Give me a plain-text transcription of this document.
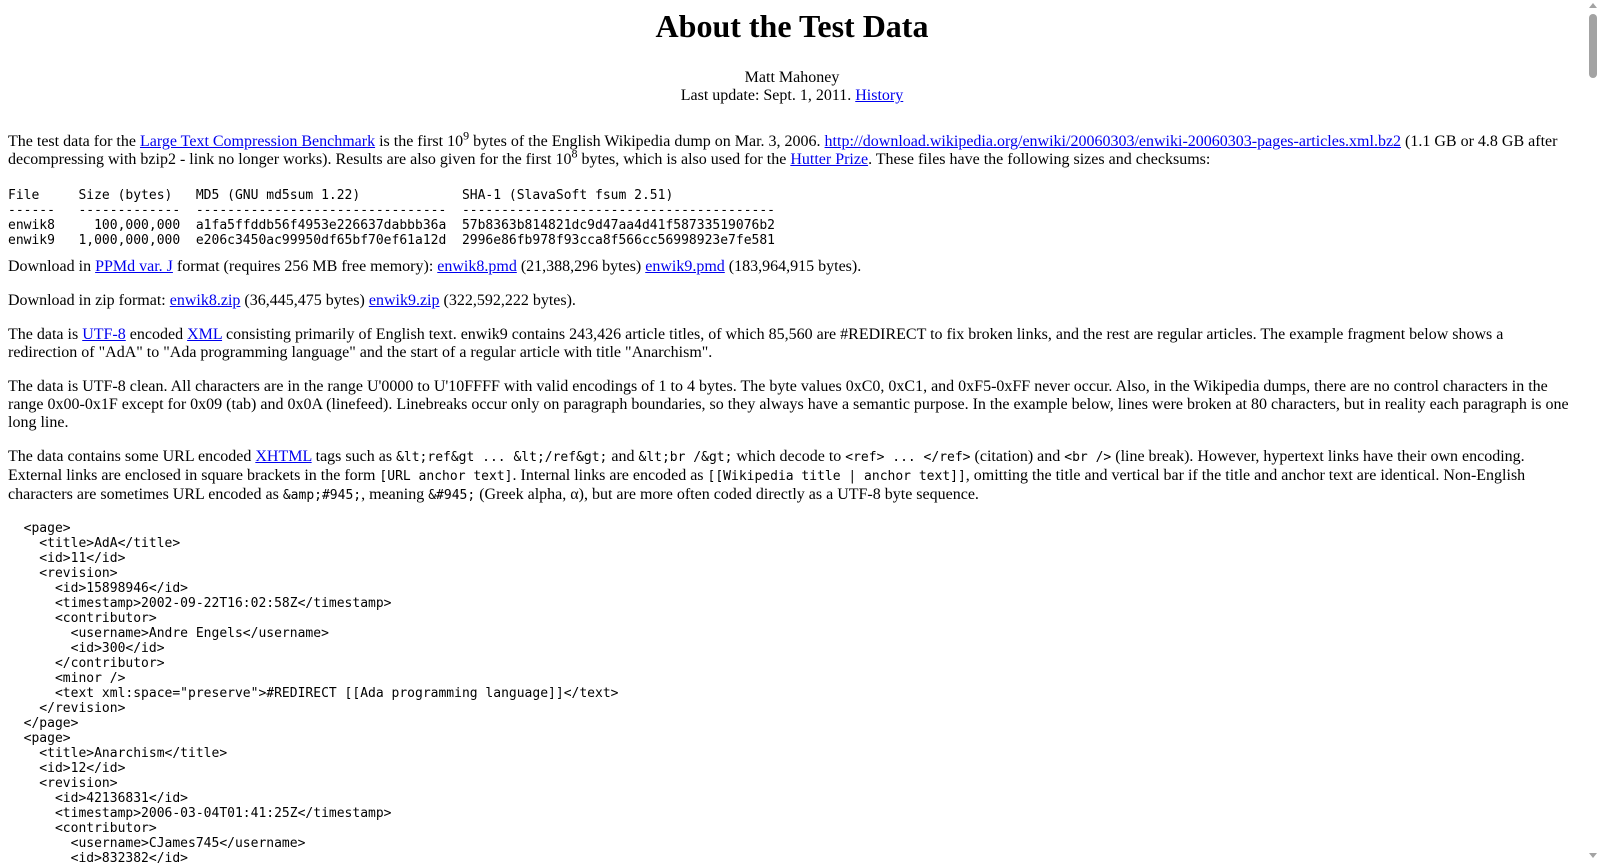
About the Test Data
Matt Mahoney
Last update: Sept. 1, 2011. History

The test data for the Large Text Compression Benchmark is the first $10^9$ bytes of the English Wikipedia dump on Mar. 3, 2006. http://download.wikipedia.org/enwiki/20060303/enwiki-20060303-pages-articles.xml.bz2 (1.1 GB or 4.8 GB after decompressing with bzip2 - link no longer works). Results are also given for the first $10^8$ bytes, which is also used for the Hutter Prize. These files have the following sizes and checksums:

File     Size (bytes)   MD5 (GNU md5sum 1.22)             SHA-1 (SlavaSoft fsum 2.51)
------   -------------  --------------------------------  ----------------------------------------
enwik8     100,000,000  a1fa5ffddb56f4953e226637dabbb36a  57b8363b814821dc9d47aa4d41f58733519076b2
enwik9   1,000,000,000  e206c3450ac99950df65bf70ef61a12d  2996e86fb978f93cca8f566cc56998923e7fe581

Download in PPMd var. J format (requires 256 MB free memory): enwik8.pmd (21,388,296 bytes) enwik9.pmd (183,964,915 bytes).

Download in zip format: enwik8.zip (36,445,475 bytes) enwik9.zip (322,592,222 bytes).

The data is UTF-8 encoded XML consisting primarily of English text. enwik9 contains 243,426 article titles, of which 85,560 are #REDIRECT to fix broken links, and the rest are regular articles. The example fragment below shows a redirection of "AdA" to "Ada programming language" and the start of a regular article with title "Anarchism".

The data is UTF-8 clean. All characters are in the range U'0000 to U'10FFFF with valid encodings of 1 to 4 bytes. The byte values 0xC0, 0xC1, and 0xF5-0xFF never occur. Also, in the Wikipedia dumps, there are no control characters in the range 0x00-0x1F except for 0x09 (tab) and 0x0A (linefeed). Linebreaks occur only on paragraph boundaries, so they always have a semantic purpose. In the example below, lines were broken at 80 characters, but in reality each paragraph is one long line.

The data contains some URL encoded XHTML tags such as &lt;ref&gt ... &lt;/ref&gt; and &lt;br /&gt; which decode to <ref> ... </ref> (citation) and <br /> (line break). However, hypertext links have their own encoding. External links are enclosed in square brackets in the form [URL anchor text]. Internal links are encoded as [[Wikipedia title | anchor text]], omitting the title and vertical bar if the title and anchor text are identical. Non-English characters are sometimes URL encoded as &amp;#945;, meaning &#945; (Greek alpha, α), but are more often coded directly as a UTF-8 byte sequence.

<page>
<title>AdA</title>
<id>11</id>
<revision>
<id>15898946</id>
<timestamp>2002-09-22T16:02:58Z</timestamp>
<contributor>
<username>Andre Engels</username>
<id>300</id>
</contributor>
<minor />
<text xml:space="preserve">#REDIRECT [[Ada programming language]]</text>
</revision>
</page>
<page>
<title>Anarchism</title>
<id>12</id>
<revision>
<id>42136831</id>
<timestamp>2006-03-04T01:41:25Z</timestamp>
<contributor>
<username>CJames745</username>
<id>832382</id>
